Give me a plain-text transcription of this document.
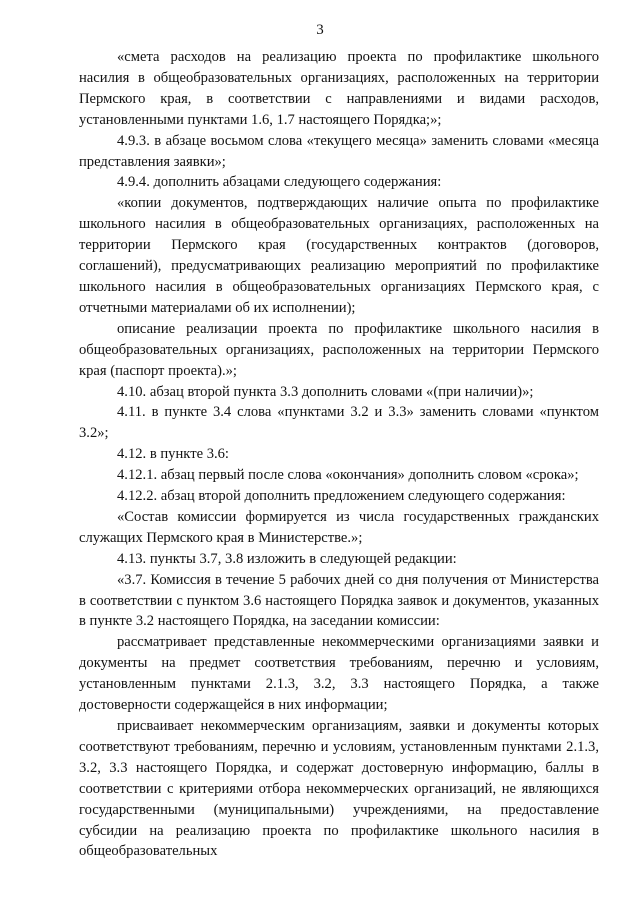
3

«смета расходов на реализацию проекта по профилактике школьного насилия в общеобразовательных организациях, расположенных на территории Пермского края, в соответствии с направлениями и видами расходов, установленными пунктами 1.6, 1.7 настоящего Порядка;»;

4.9.3. в абзаце восьмом слова «текущего месяца» заменить словами «месяца представления заявки»;

4.9.4. дополнить абзацами следующего содержания:

«копии документов, подтверждающих наличие опыта по профилактике школьного насилия в общеобразовательных организациях, расположенных на территории Пермского края (государственных контрактов (договоров, соглашений), предусматривающих реализацию мероприятий по профилактике школьного насилия в общеобразовательных организациях Пермского края, с отчетными материалами об их исполнении);

описание реализации проекта по профилактике школьного насилия в общеобразовательных организациях, расположенных на территории Пермского края (паспорт проекта).»;

4.10. абзац второй пункта 3.3 дополнить словами «(при наличии)»;

4.11. в пункте 3.4 слова «пунктами 3.2 и 3.3» заменить словами «пунктом 3.2»;

4.12. в пункте 3.6:

4.12.1. абзац первый после слова «окончания» дополнить словом «срока»;

4.12.2. абзац второй дополнить предложением следующего содержания:

«Состав комиссии формируется из числа государственных гражданских служащих Пермского края в Министерстве.»;

4.13. пункты 3.7, 3.8 изложить в следующей редакции:

«3.7. Комиссия в течение 5 рабочих дней со дня получения от Министерства в соответствии с пунктом 3.6 настоящего Порядка заявок и документов, указанных в пункте 3.2 настоящего Порядка, на заседании комиссии:

рассматривает представленные некоммерческими организациями заявки и документы на предмет соответствия требованиям, перечню и условиям, установленным пунктами 2.1.3, 3.2, 3.3 настоящего Порядка, а также достоверности содержащейся в них информации;

присваивает некоммерческим организациям, заявки и документы которых соответствуют требованиям, перечню и условиям, установленным пунктами 2.1.3, 3.2, 3.3 настоящего Порядка, и содержат достоверную информацию, баллы в соответствии с критериями отбора некоммерческих организаций, не являющихся государственными (муниципальными) учреждениями, на предоставление субсидии на реализацию проекта по профилактике школьного насилия в общеобразовательных
